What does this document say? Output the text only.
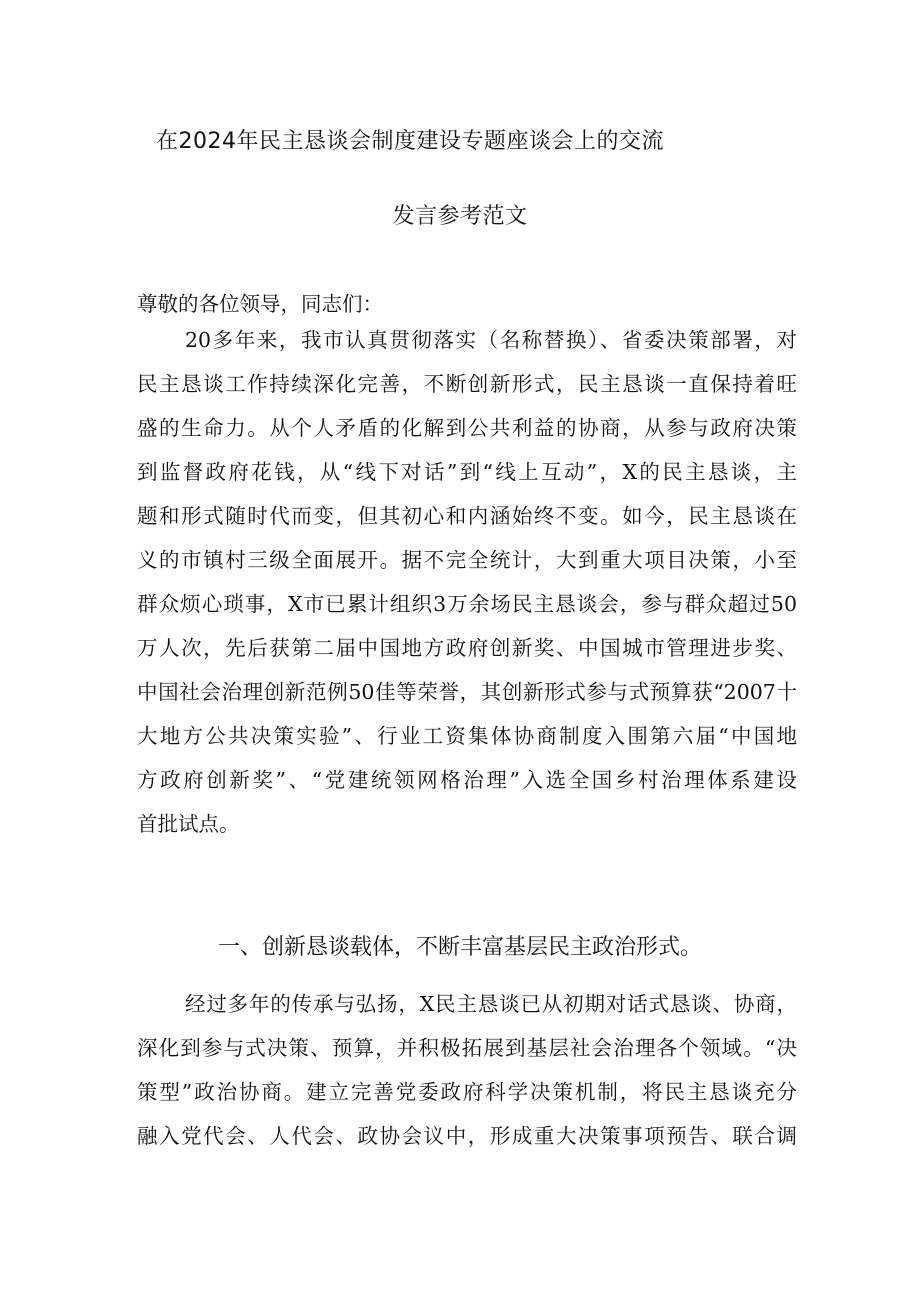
在2024年民主恳谈会制度建设专题座谈会上的交流
发言参考范文

尊敬的各位领导，同志们：

20多年来，我市认真贯彻落实（名称替换）、省委决策部署，对
民主恳谈工作持续深化完善，不断创新形式，民主恳谈一直保持着旺
盛的生命力。从个人矛盾的化解到公共利益的协商，从参与政府决策
到监督政府花钱，从“线下对话”到“线上互动”，X的民主恳谈，主
题和形式随时代而变，但其初心和内涵始终不变。如今，民主恳谈在
义的市镇村三级全面展开。据不完全统计，大到重大项目决策，小至
群众烦心琐事，X市已累计组织3万余场民主恳谈会，参与群众超过50
万人次，先后获第二届中国地方政府创新奖、中国城市管理进步奖、
中国社会治理创新范例50佳等荣誉，其创新形式参与式预算获“2007十
大地方公共决策实验”、行业工资集体协商制度入围第六届“中国地
方政府创新奖”、“党建统领网格治理”入选全国乡村治理体系建设
首批试点。
一、创新恳谈载体，不断丰富基层民主政治形式。
经过多年的传承与弘扬，X民主恳谈已从初期对话式恳谈、协商，
深化到参与式决策、预算，并积极拓展到基层社会治理各个领域。“决
策型”政治协商。建立完善党委政府科学决策机制，将民主恳谈充分
融入党代会、人代会、政协会议中，形成重大决策事项预告、联合调
